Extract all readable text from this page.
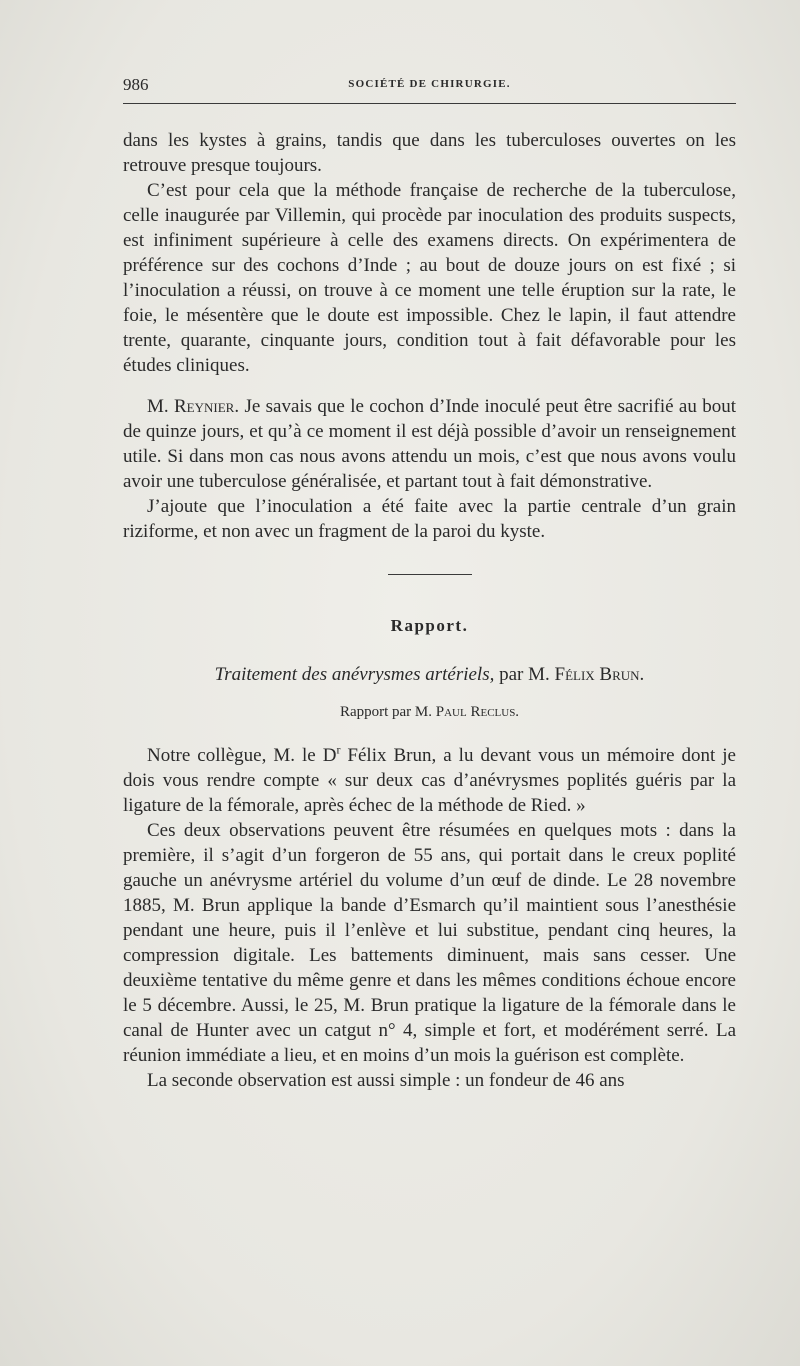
986	SOCIÉTÉ DE CHIRURGIE.

dans les kystes à grains, tandis que dans les tuberculoses ouvertes on les retrouve presque toujours.

C’est pour cela que la méthode française de recherche de la tuberculose, celle inaugurée par Villemin, qui procède par inoculation des produits suspects, est infiniment supérieure à celle des examens directs. On expérimentera de préférence sur des cochons d’Inde ; au bout de douze jours on est fixé ; si l’inoculation a réussi, on trouve à ce moment une telle éruption sur la rate, le foie, le mésentère que le doute est impossible. Chez le lapin, il faut attendre trente, quarante, cinquante jours, condition tout à fait défavorable pour les études cliniques.

M. Reynier. Je savais que le cochon d’Inde inoculé peut être sacrifié au bout de quinze jours, et qu’à ce moment il est déjà possible d’avoir un renseignement utile. Si dans mon cas nous avons attendu un mois, c’est que nous avons voulu avoir une tuberculose généralisée, et partant tout à fait démonstrative.

J’ajoute que l’inoculation a été faite avec la partie centrale d’un grain riziforme, et non avec un fragment de la paroi du kyste.

Rapport.
Traitement des anévrysmes artériels, par M. Félix Brun.
Rapport par M. Paul Reclus.

Notre collègue, M. le $D^r$ Félix Brun, a lu devant vous un mémoire dont je dois vous rendre compte « sur deux cas d’anévrysmes poplités guéris par la ligature de la fémorale, après échec de la méthode de Ried. »

Ces deux observations peuvent être résumées en quelques mots : dans la première, il s’agit d’un forgeron de 55 ans, qui portait dans le creux poplité gauche un anévrysme artériel du volume d’un œuf de dinde. Le 28 novembre 1885, M. Brun applique la bande d’Esmarch qu’il maintient sous l’anesthésie pendant une heure, puis il l’enlève et lui substitue, pendant cinq heures, la compression digitale. Les battements diminuent, mais sans cesser. Une deuxième tentative du même genre et dans les mêmes conditions échoue encore le 5 décembre. Aussi, le 25, M. Brun pratique la ligature de la fémorale dans le canal de Hunter avec un catgut n° 4, simple et fort, et modérément serré. La réunion immédiate a lieu, et en moins d’un mois la guérison est complète.

La seconde observation est aussi simple : un fondeur de 46 ans
